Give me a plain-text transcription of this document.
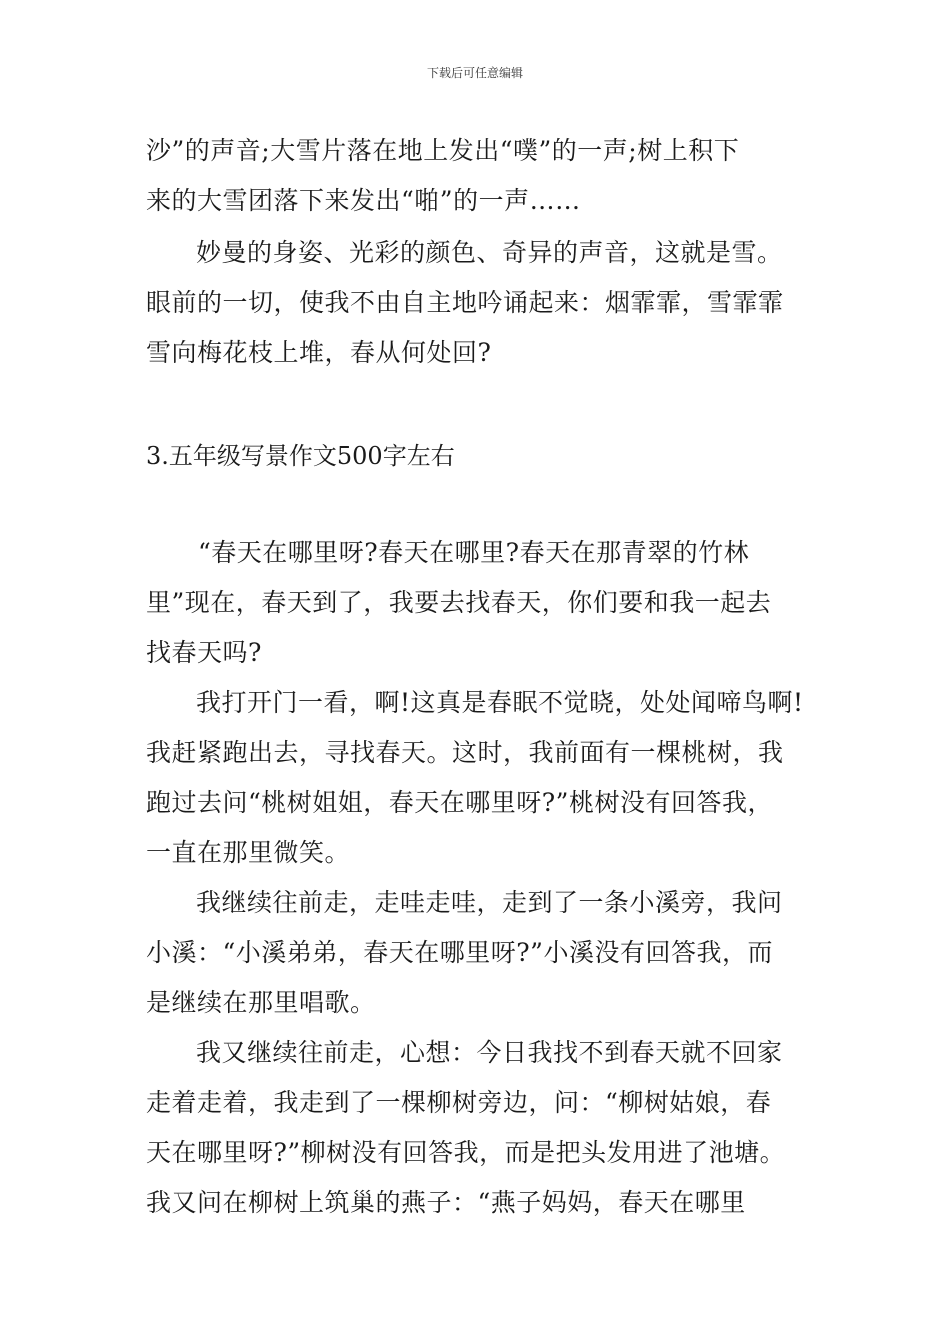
下载后可任意编辑
沙”的声音;大雪片落在地上发出“噗”的一声;树上积下
来的大雪团落下来发出“啪”的一声……
妙曼的身姿、光彩的颜色、奇异的声音，这就是雪。
眼前的一切，使我不由自主地吟诵起来：烟霏霏，雪霏霏
雪向梅花枝上堆，春从何处回?
3.五年级写景作文500字左右
“春天在哪里呀?春天在哪里?春天在那青翠的竹林
里”现在，春天到了，我要去找春天，你们要和我一起去
找春天吗?
我打开门一看，啊!这真是春眠不觉晓，处处闻啼鸟啊!
我赶紧跑出去，寻找春天。这时，我前面有一棵桃树，我
跑过去问“桃树姐姐，春天在哪里呀?”桃树没有回答我，
一直在那里微笑。
我继续往前走，走哇走哇，走到了一条小溪旁，我问
小溪：“小溪弟弟，春天在哪里呀?”小溪没有回答我，而
是继续在那里唱歌。
我又继续往前走，心想：今日我找不到春天就不回家
走着走着，我走到了一棵柳树旁边，问：“柳树姑娘，春
天在哪里呀?”柳树没有回答我，而是把头发用进了池塘。
我又问在柳树上筑巢的燕子：“燕子妈妈，春天在哪里
